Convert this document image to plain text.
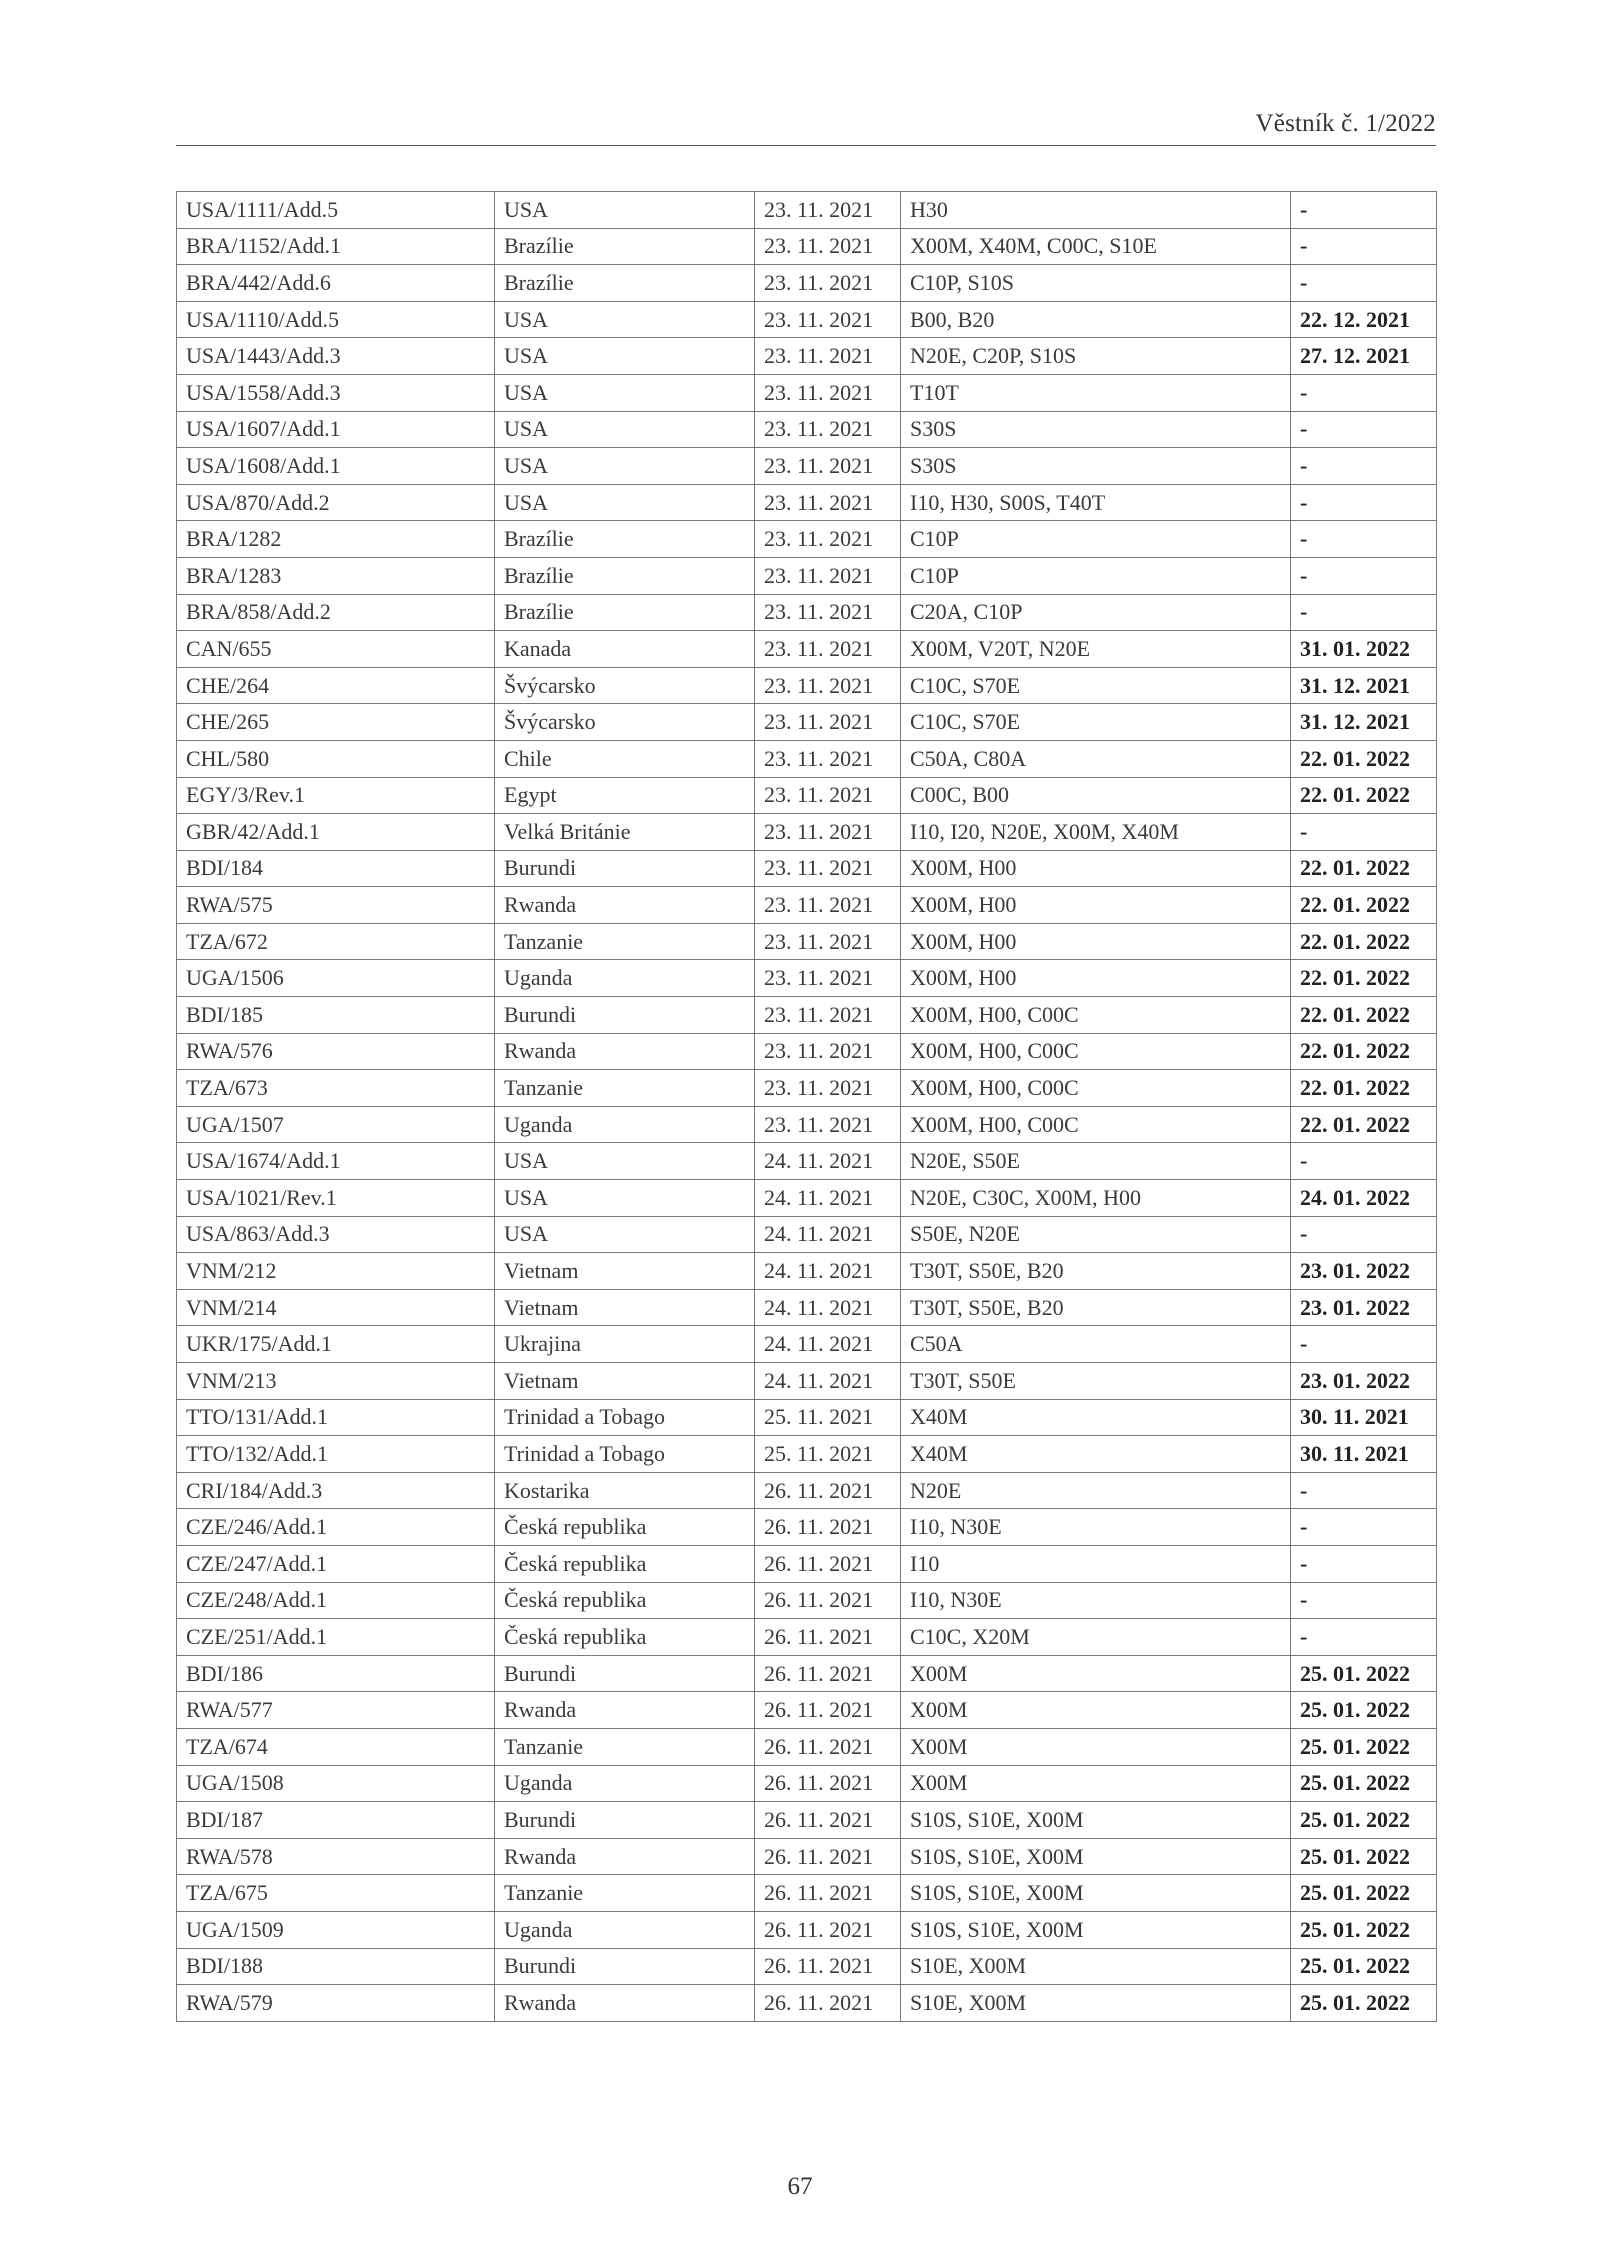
Věstník č. 1/2022
USA/1111/Add.5	USA	23. 11. 2021	H30	-
BRA/1152/Add.1	Brazílie	23. 11. 2021	X00M, X40M, C00C, S10E	-
BRA/442/Add.6	Brazílie	23. 11. 2021	C10P, S10S	-
USA/1110/Add.5	USA	23. 11. 2021	B00, B20	22. 12. 2021
USA/1443/Add.3	USA	23. 11. 2021	N20E, C20P, S10S	27. 12. 2021
USA/1558/Add.3	USA	23. 11. 2021	T10T	-
USA/1607/Add.1	USA	23. 11. 2021	S30S	-
USA/1608/Add.1	USA	23. 11. 2021	S30S	-
USA/870/Add.2	USA	23. 11. 2021	I10, H30, S00S, T40T	-
BRA/1282	Brazílie	23. 11. 2021	C10P	-
BRA/1283	Brazílie	23. 11. 2021	C10P	-
BRA/858/Add.2	Brazílie	23. 11. 2021	C20A, C10P	-
CAN/655	Kanada	23. 11. 2021	X00M, V20T, N20E	31. 01. 2022
CHE/264	Švýcarsko	23. 11. 2021	C10C, S70E	31. 12. 2021
CHE/265	Švýcarsko	23. 11. 2021	C10C, S70E	31. 12. 2021
CHL/580	Chile	23. 11. 2021	C50A, C80A	22. 01. 2022
EGY/3/Rev.1	Egypt	23. 11. 2021	C00C, B00	22. 01. 2022
GBR/42/Add.1	Velká Británie	23. 11. 2021	I10, I20, N20E, X00M, X40M	-
BDI/184	Burundi	23. 11. 2021	X00M, H00	22. 01. 2022
RWA/575	Rwanda	23. 11. 2021	X00M, H00	22. 01. 2022
TZA/672	Tanzanie	23. 11. 2021	X00M, H00	22. 01. 2022
UGA/1506	Uganda	23. 11. 2021	X00M, H00	22. 01. 2022
BDI/185	Burundi	23. 11. 2021	X00M, H00, C00C	22. 01. 2022
RWA/576	Rwanda	23. 11. 2021	X00M, H00, C00C	22. 01. 2022
TZA/673	Tanzanie	23. 11. 2021	X00M, H00, C00C	22. 01. 2022
UGA/1507	Uganda	23. 11. 2021	X00M, H00, C00C	22. 01. 2022
USA/1674/Add.1	USA	24. 11. 2021	N20E, S50E	-
USA/1021/Rev.1	USA	24. 11. 2021	N20E, C30C, X00M, H00	24. 01. 2022
USA/863/Add.3	USA	24. 11. 2021	S50E, N20E	-
VNM/212	Vietnam	24. 11. 2021	T30T, S50E, B20	23. 01. 2022
VNM/214	Vietnam	24. 11. 2021	T30T, S50E, B20	23. 01. 2022
UKR/175/Add.1	Ukrajina	24. 11. 2021	C50A	-
VNM/213	Vietnam	24. 11. 2021	T30T, S50E	23. 01. 2022
TTO/131/Add.1	Trinidad a Tobago	25. 11. 2021	X40M	30. 11. 2021
TTO/132/Add.1	Trinidad a Tobago	25. 11. 2021	X40M	30. 11. 2021
CRI/184/Add.3	Kostarika	26. 11. 2021	N20E	-
CZE/246/Add.1	Česká republika	26. 11. 2021	I10, N30E	-
CZE/247/Add.1	Česká republika	26. 11. 2021	I10	-
CZE/248/Add.1	Česká republika	26. 11. 2021	I10, N30E	-
CZE/251/Add.1	Česká republika	26. 11. 2021	C10C, X20M	-
BDI/186	Burundi	26. 11. 2021	X00M	25. 01. 2022
RWA/577	Rwanda	26. 11. 2021	X00M	25. 01. 2022
TZA/674	Tanzanie	26. 11. 2021	X00M	25. 01. 2022
UGA/1508	Uganda	26. 11. 2021	X00M	25. 01. 2022
BDI/187	Burundi	26. 11. 2021	S10S, S10E, X00M	25. 01. 2022
RWA/578	Rwanda	26. 11. 2021	S10S, S10E, X00M	25. 01. 2022
TZA/675	Tanzanie	26. 11. 2021	S10S, S10E, X00M	25. 01. 2022
UGA/1509	Uganda	26. 11. 2021	S10S, S10E, X00M	25. 01. 2022
BDI/188	Burundi	26. 11. 2021	S10E, X00M	25. 01. 2022
RWA/579	Rwanda	26. 11. 2021	S10E, X00M	25. 01. 2022
67
